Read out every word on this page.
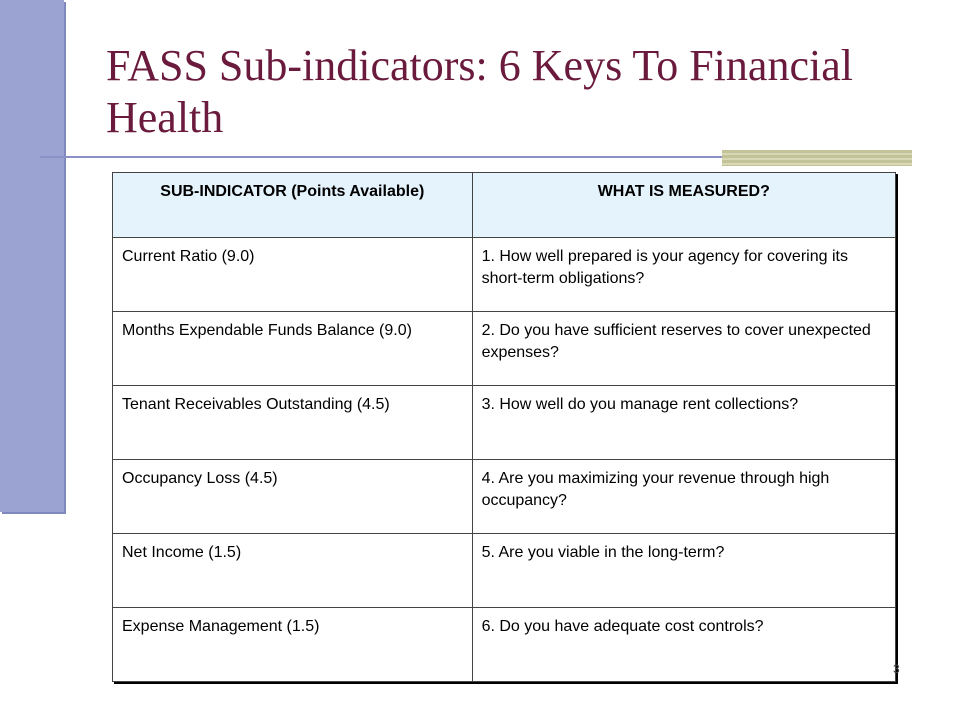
FASS Sub-indicators: 6 Keys To Financial Health
SUB-INDICATOR (Points Available)	WHAT IS MEASURED?
Current Ratio (9.0)	1. How well prepared is your agency for covering its short-term obligations?
Months Expendable Funds Balance (9.0)	2. Do you have sufficient reserves to cover unexpected expenses?
Tenant Receivables Outstanding (4.5)	3. How well do you manage rent collections?
Occupancy Loss (4.5)	4. Are you maximizing your revenue through high occupancy?
Net Income (1.5)	5. Are you viable in the long-term?
Expense Management (1.5)	6. Do you have adequate cost controls?
3
